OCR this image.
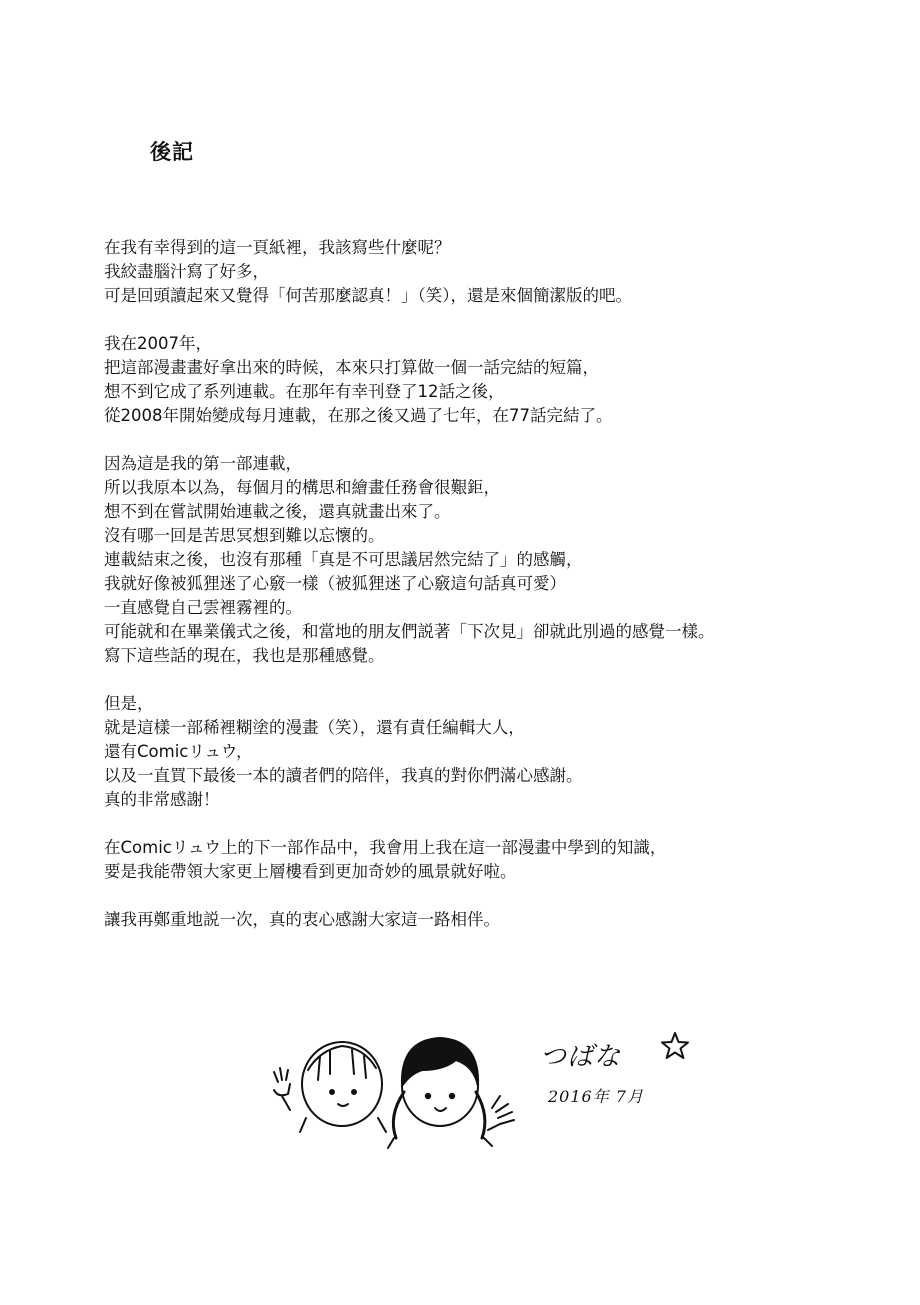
後記
在我有幸得到的這一頁紙裡，我該寫些什麼呢？
我絞盡腦汁寫了好多，
可是回頭讀起來又覺得「何苦那麼認真！」（笑），還是來個簡潔版的吧。
我在2007年，
把這部漫畫畫好拿出來的時候，本來只打算做一個一話完結的短篇，
想不到它成了系列連載。在那年有幸刊登了12話之後，
從2008年開始變成每月連載，在那之後又過了七年，在77話完結了。
因為這是我的第一部連載，
所以我原本以為，每個月的構思和繪畫任務會很艱鉅，
想不到在嘗試開始連載之後，還真就畫出來了。
沒有哪一回是苦思冥想到難以忘懷的。
連載結束之後，也沒有那種「真是不可思議居然完結了」的感觸，
我就好像被狐狸迷了心竅一樣（被狐狸迷了心竅這句話真可愛）
一直感覺自己雲裡霧裡的。
可能就和在畢業儀式之後，和當地的朋友們説著「下次見」卻就此別過的感覺一樣。
寫下這些話的現在，我也是那種感覺。
但是，
就是這樣一部稀裡糊塗的漫畫（笑），還有責任編輯大人，
還有Comicリュウ，
以及一直買下最後一本的讀者們的陪伴，我真的對你們滿心感謝。
真的非常感謝！
在Comicリュウ上的下一部作品中，我會用上我在這一部漫畫中學到的知識，
要是我能帶領大家更上層樓看到更加奇妙的風景就好啦。
讓我再鄭重地説一次，真的衷心感謝大家這一路相伴。
つばな
2016年 7月
